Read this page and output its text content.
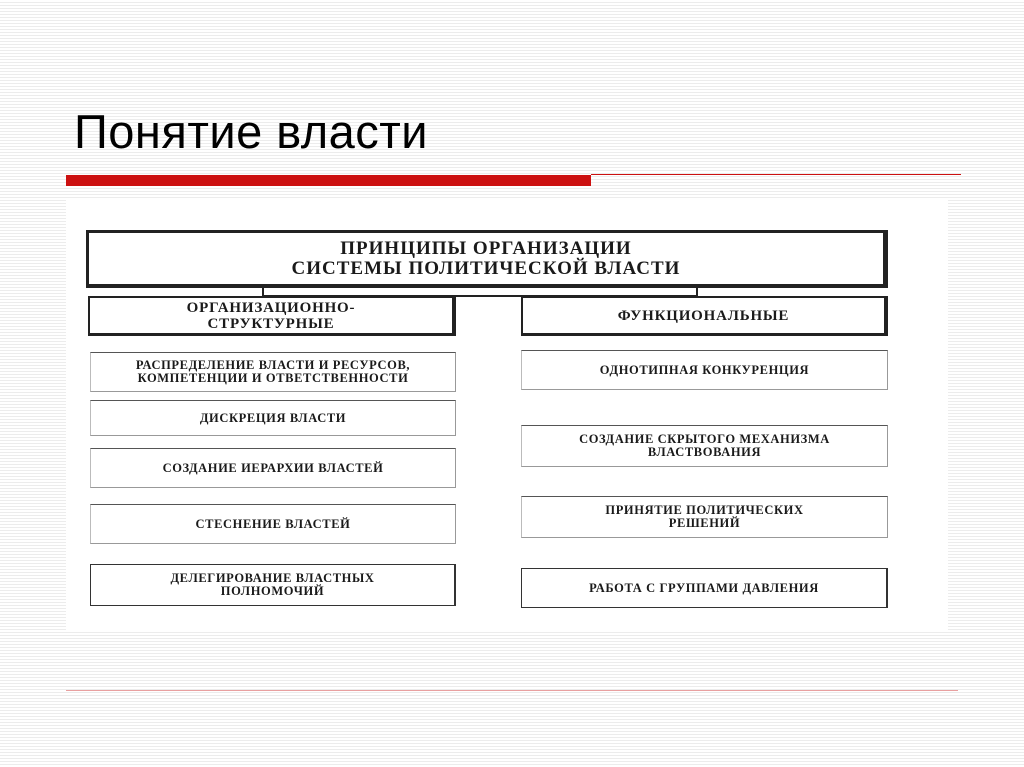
Понятие власти
ПРИНЦИПЫ ОРГАНИЗАЦИИ
СИСТЕМЫ ПОЛИТИЧЕСКОЙ ВЛАСТИ
ОРГАНИЗАЦИОННО-
СТРУКТУРНЫЕ	ФУНКЦИОНАЛЬНЫЕ
РАСПРЕДЕЛЕНИЕ ВЛАСТИ И РЕСУРСОВ,
КОМПЕТЕНЦИИ И ОТВЕТСТВЕННОСТИ
ДИСКРЕЦИЯ ВЛАСТИ
СОЗДАНИЕ ИЕРАРХИИ ВЛАСТЕЙ
СТЕСНЕНИЕ ВЛАСТЕЙ
ДЕЛЕГИРОВАНИЕ ВЛАСТНЫХ
ПОЛНОМОЧИЙ
ОДНОТИПНАЯ КОНКУРЕНЦИЯ
СОЗДАНИЕ СКРЫТОГО МЕХАНИЗМА
ВЛАСТВОВАНИЯ
ПРИНЯТИЕ ПОЛИТИЧЕСКИХ
РЕШЕНИЙ
РАБОТА С ГРУППАМИ ДАВЛЕНИЯ
